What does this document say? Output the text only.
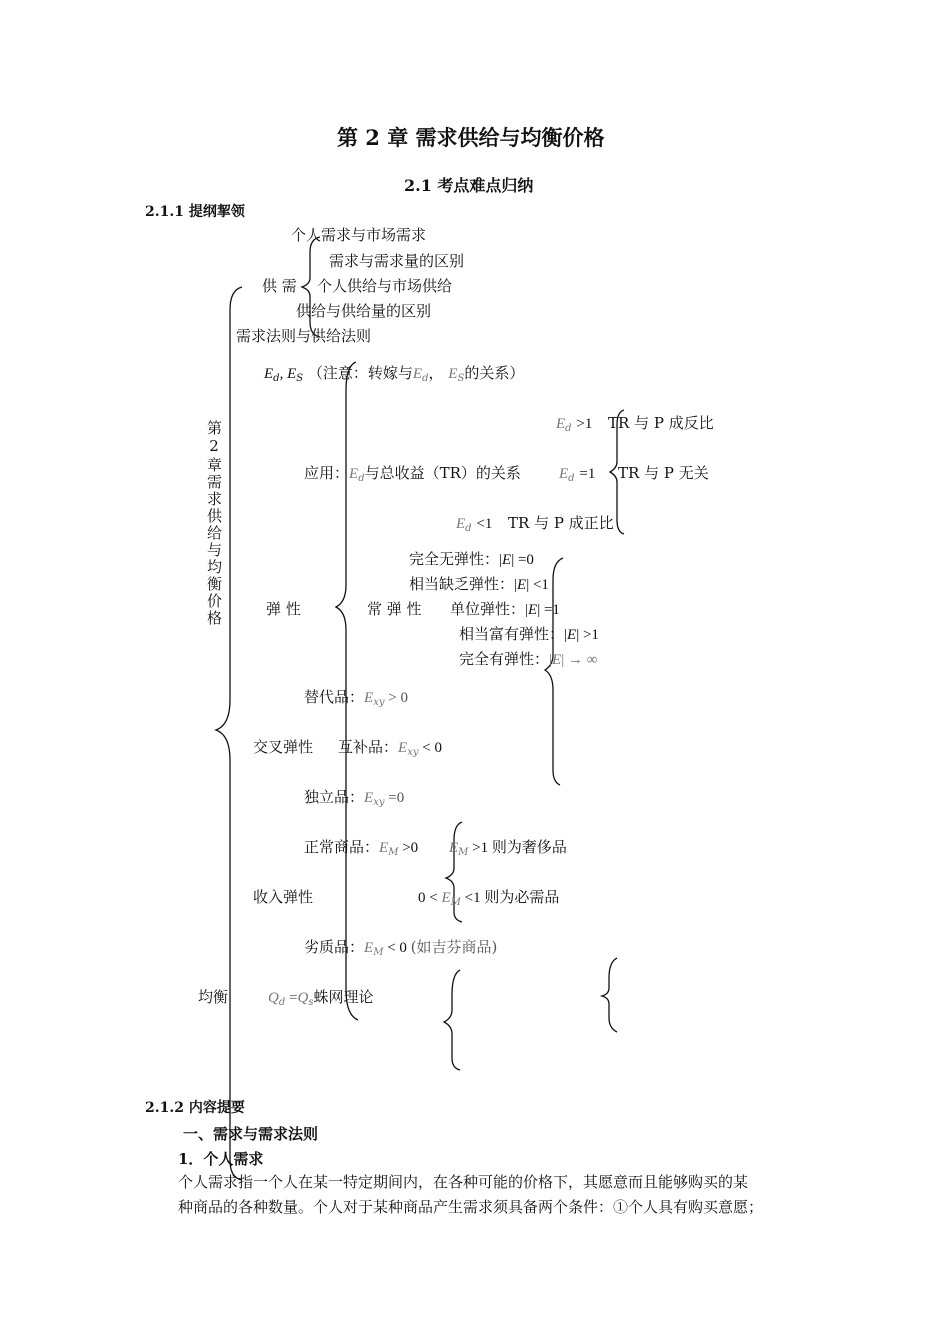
第 2 章 需求供给与均衡价格
2.1 考点难点归纳
2.1.1 提纲挈领
第2章需求供给与均衡价格
个人需求与市场需求
需求与需求量的区别
供 需 个人供给与市场供给
供给与供给量的区别
需求法则与供给法则
$E_d$, $E_S$ （注意：转嫁与$E_d$， $E_S$的关系）
$E_d >1$ TR 与 P 成反比
应用：$E_d$与总收益（TR）的关系	$E_d =1$ TR 与 P 无关
$E_d <1$ TR 与 P 成正比
完全无弹性：|E| =0
相当缺乏弹性：|E| <1
弹 性	常 弹 性 单位弹性：|E| =1
相当富有弹性：|E| >1
完全有弹性：|E| → ∞
替代品：$E_{xy} > 0$
交叉弹性 互补品：$E_{xy} < 0$
独立品：$E_{xy} =0$
正常商品：$E_M >0$ $E_M >1$ 则为奢侈品
收入弹性	$0 < E_M <1$ 则为必需品
劣质品：$E_M < 0$ (如吉芬商品)
均衡	$Q_d =Q_s$蛛网理论
2.1.2 内容提要
一、需求与需求法则
1．个人需求
个人需求指一个人在某一特定期间内，在各种可能的价格下，其愿意而且能够购买的某
种商品的各种数量。个人对于某种商品产生需求须具备两个条件：①个人具有购买意愿；
